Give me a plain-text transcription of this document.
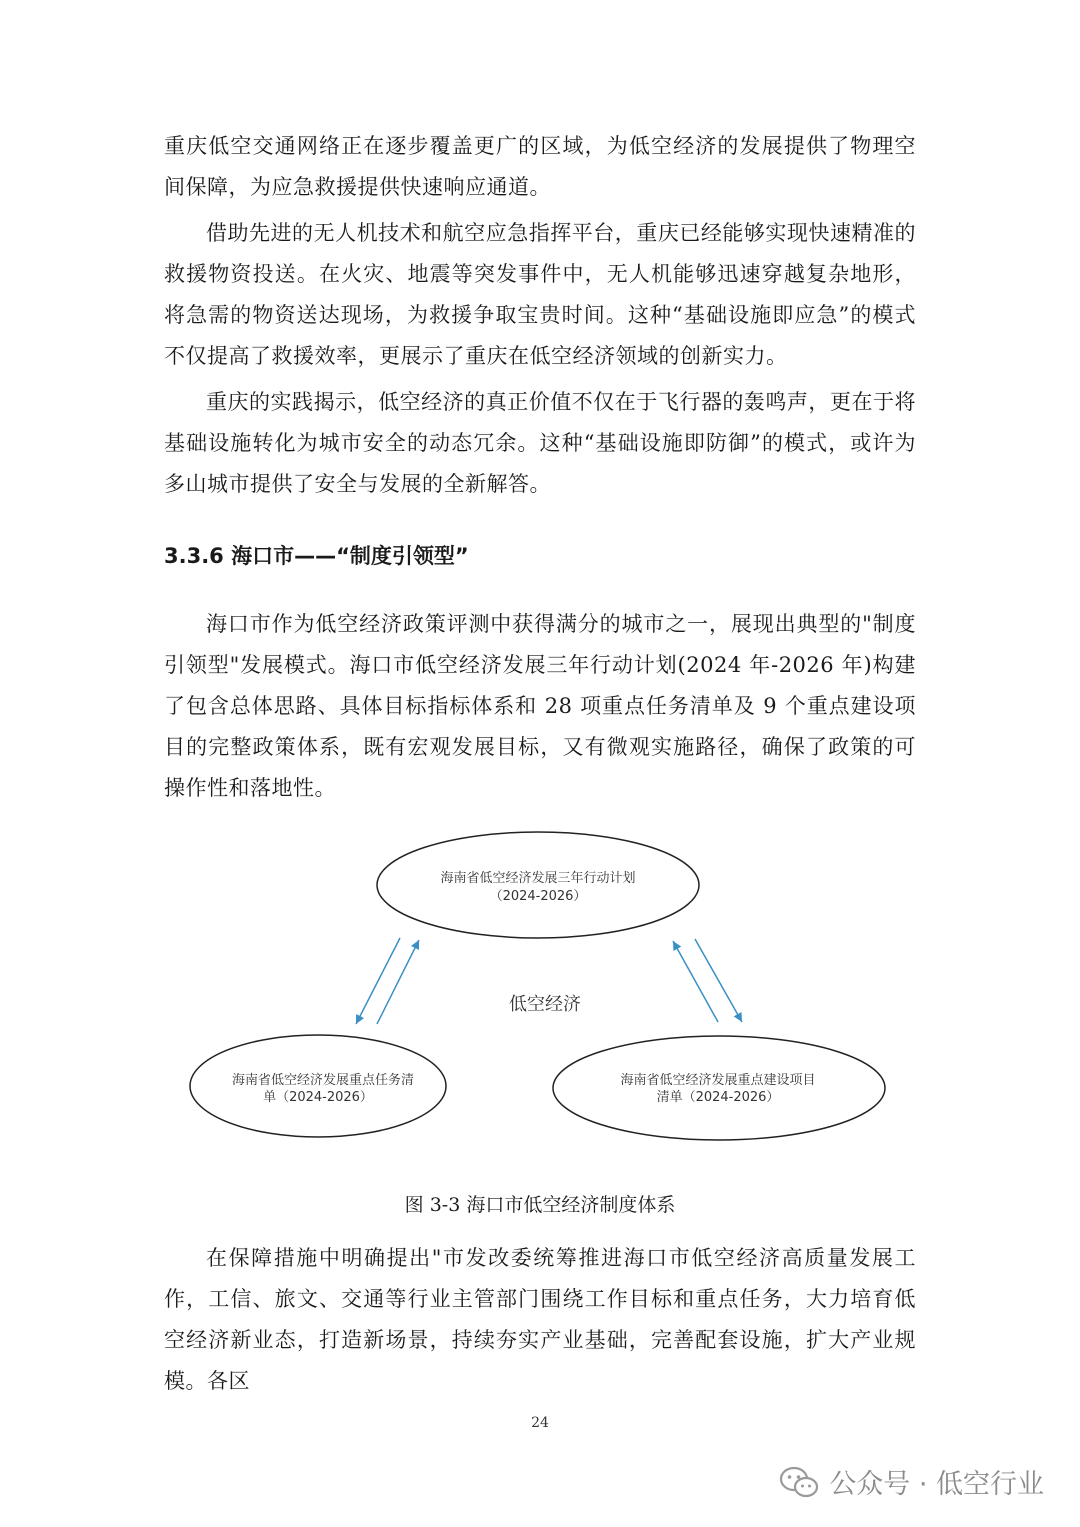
重庆低空交通网络正在逐步覆盖更广的区域，为低空经济的发展提供了物理空间保障，为应急救援提供快速响应通道。

借助先进的无人机技术和航空应急指挥平台，重庆已经能够实现快速精准的救援物资投送。在火灾、地震等突发事件中，无人机能够迅速穿越复杂地形，将急需的物资送达现场，为救援争取宝贵时间。这种“基础设施即应急”的模式不仅提高了救援效率，更展示了重庆在低空经济领域的创新实力。

重庆的实践揭示，低空经济的真正价值不仅在于飞行器的轰鸣声，更在于将基础设施转化为城市安全的动态冗余。这种“基础设施即防御”的模式，或许为多山城市提供了安全与发展的全新解答。

3.3.6 海口市——“制度引领型”

海口市作为低空经济政策评测中获得满分的城市之一，展现出典型的"制度引领型"发展模式。海口市低空经济发展三年行动计划(2024 年-2026 年)构建了包含总体思路、具体目标指标体系和 28 项重点任务清单及 9 个重点建设项目的完整政策体系，既有宏观发展目标，又有微观实施路径，确保了政策的可操作性和落地性。

海南省低空经济发展三年行动计划
（2024-2026）
低空经济
海南省低空经济发展重点任务清
单（2024-2026）
海南省低空经济发展重点建设项目
清单（2024-2026）

图 3-3 海口市低空经济制度体系

在保障措施中明确提出"市发改委统筹推进海口市低空经济高质量发展工作，工信、旅文、交通等行业主管部门围绕工作目标和重点任务，大力培育低空经济新业态，打造新场景，持续夯实产业基础，完善配套设施，扩大产业规模。各区

24

公众号 · 低空行业
